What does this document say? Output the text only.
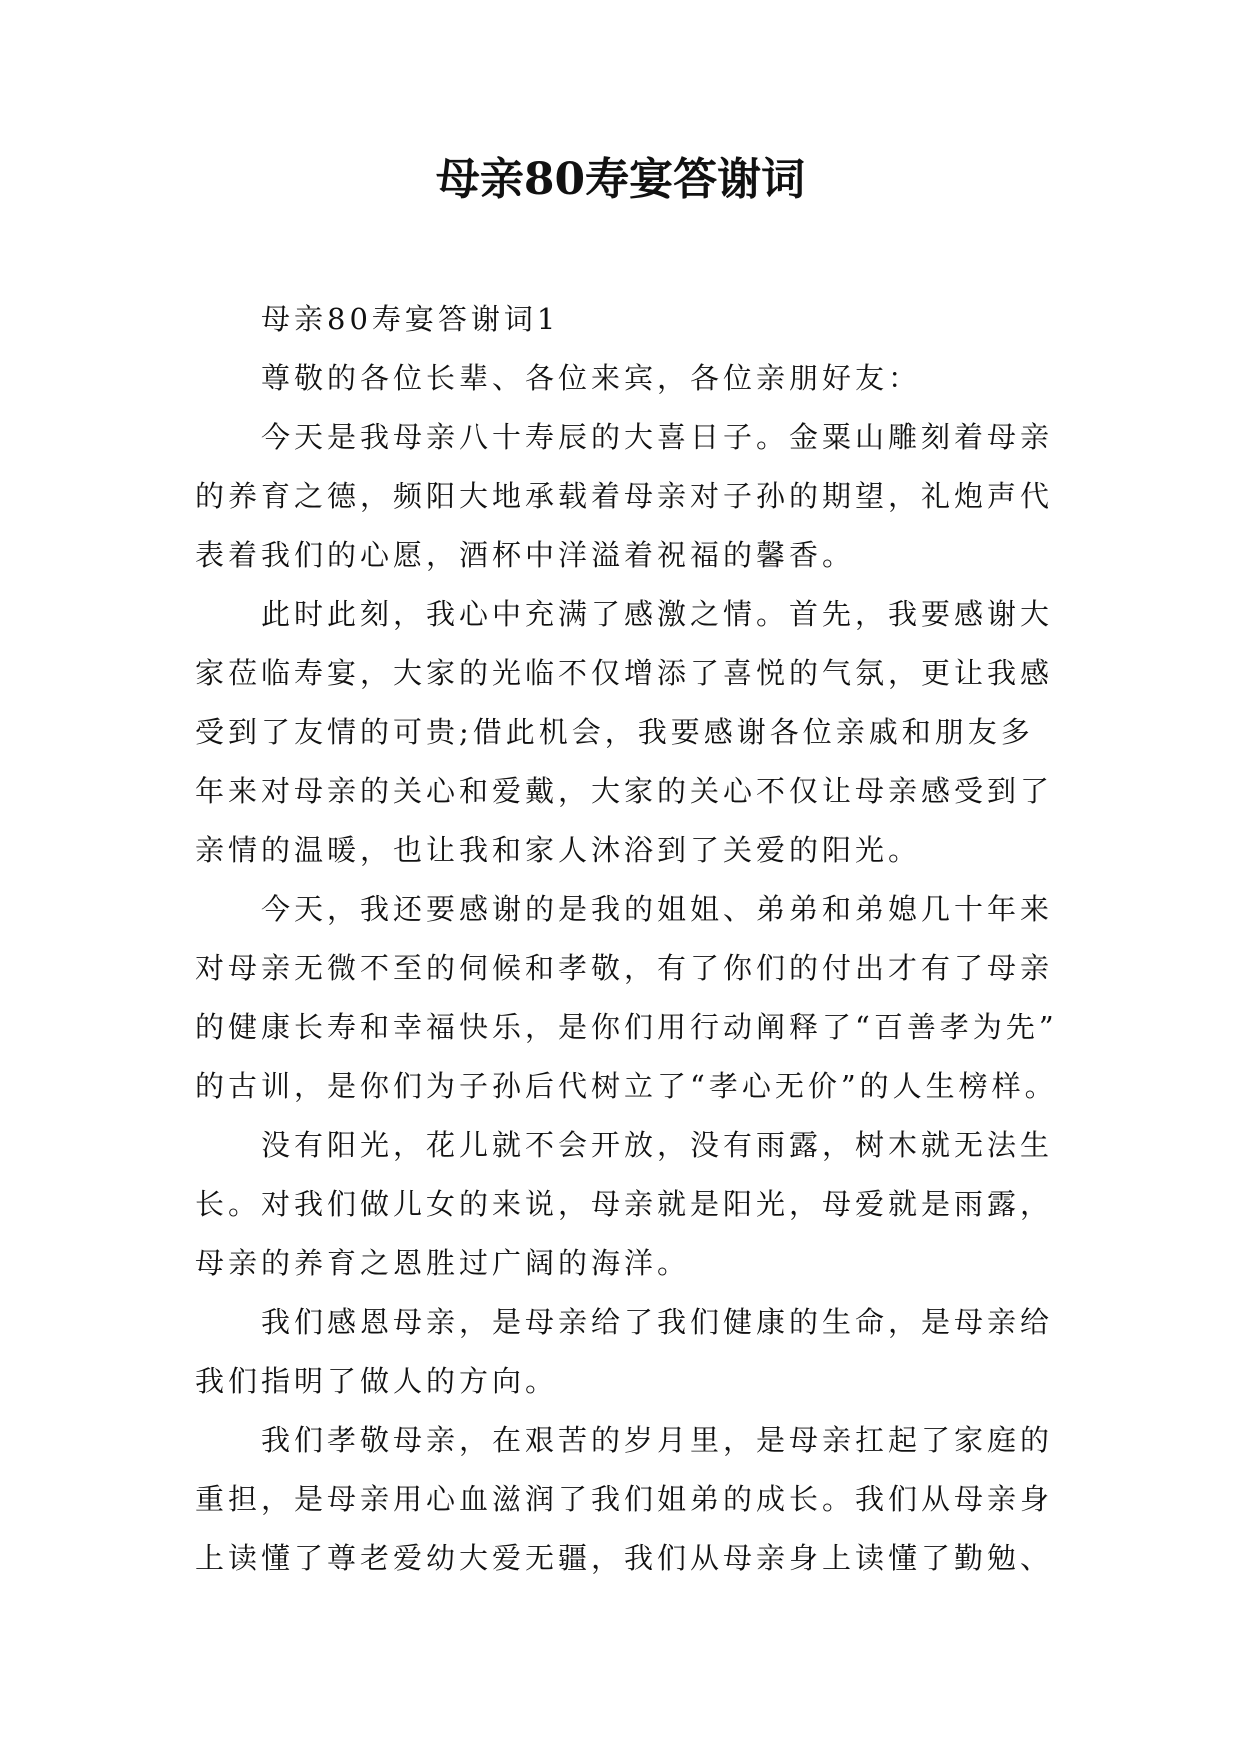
母亲80寿宴答谢词
母亲80寿宴答谢词1
尊敬的各位长辈、各位来宾，各位亲朋好友：
今天是我母亲八十寿辰的大喜日子。金粟山雕刻着母亲
的养育之德，频阳大地承载着母亲对子孙的期望，礼炮声代
表着我们的心愿，酒杯中洋溢着祝福的馨香。
此时此刻，我心中充满了感激之情。首先，我要感谢大
家莅临寿宴，大家的光临不仅增添了喜悦的气氛，更让我感
受到了友情的可贵;借此机会，我要感谢各位亲戚和朋友多
年来对母亲的关心和爱戴，大家的关心不仅让母亲感受到了
亲情的温暖，也让我和家人沐浴到了关爱的阳光。
今天，我还要感谢的是我的姐姐、弟弟和弟媳几十年来
对母亲无微不至的伺候和孝敬，有了你们的付出才有了母亲
的健康长寿和幸福快乐，是你们用行动阐释了“百善孝为先”
的古训，是你们为子孙后代树立了“孝心无价”的人生榜样。
没有阳光，花儿就不会开放，没有雨露，树木就无法生
长。对我们做儿女的来说，母亲就是阳光，母爱就是雨露，
母亲的养育之恩胜过广阔的海洋。
我们感恩母亲，是母亲给了我们健康的生命，是母亲给
我们指明了做人的方向。
我们孝敬母亲，在艰苦的岁月里，是母亲扛起了家庭的
重担，是母亲用心血滋润了我们姐弟的成长。我们从母亲身
上读懂了尊老爱幼大爱无疆，我们从母亲身上读懂了勤勉、
